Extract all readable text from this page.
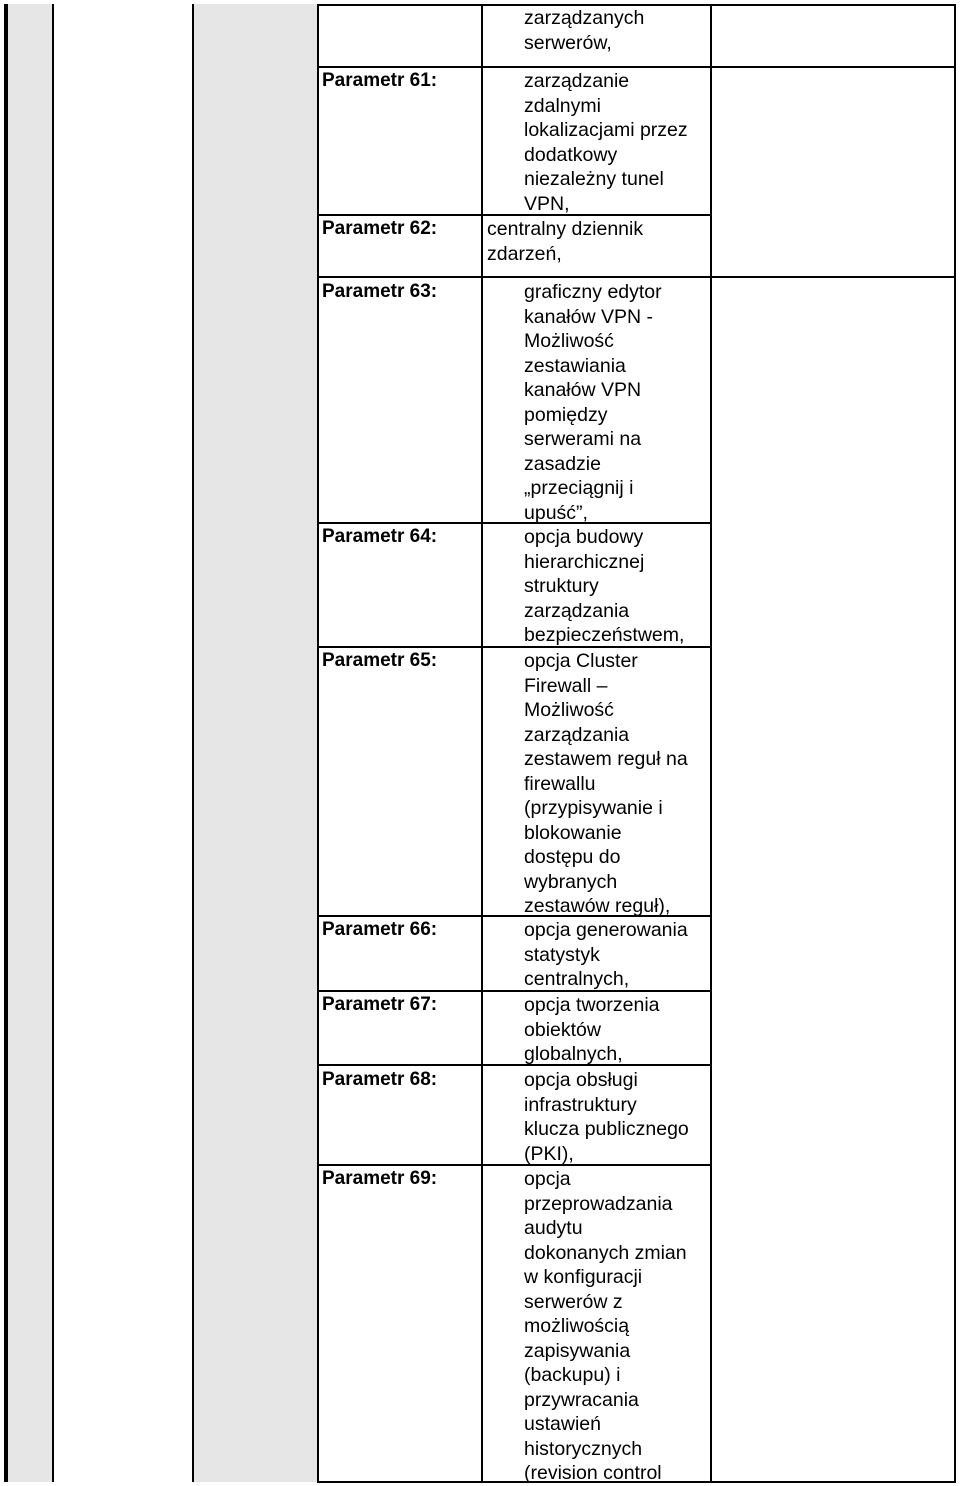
zarządzanych
serwerów,
Parametr 61:	zarządzanie
zdalnymi
lokalizacjami przez
dodatkowy
niezależny tunel
VPN,
Parametr 62:	centralny dziennik
zdarzeń,
Parametr 63:	graficzny edytor
kanałów VPN -
Możliwość
zestawiania
kanałów VPN
pomiędzy
serwerami na
zasadzie
„przeciągnij i
upuść”,
Parametr 64:	opcja budowy
hierarchicznej
struktury
zarządzania
bezpieczeństwem,
Parametr 65:	opcja Cluster
Firewall –
Możliwość
zarządzania
zestawem reguł na
firewallu
(przypisywanie i
blokowanie
dostępu do
wybranych
zestawów reguł),
Parametr 66:	opcja generowania
statystyk
centralnych,
Parametr 67:	opcja tworzenia
obiektów
globalnych,
Parametr 68:	opcja obsługi
infrastruktury
klucza publicznego
(PKI),
Parametr 69:	opcja
przeprowadzania
audytu
dokonanych zmian
w konfiguracji
serwerów z
możliwością
zapisywania
(backupu) i
przywracania
ustawień
historycznych
(revision control
